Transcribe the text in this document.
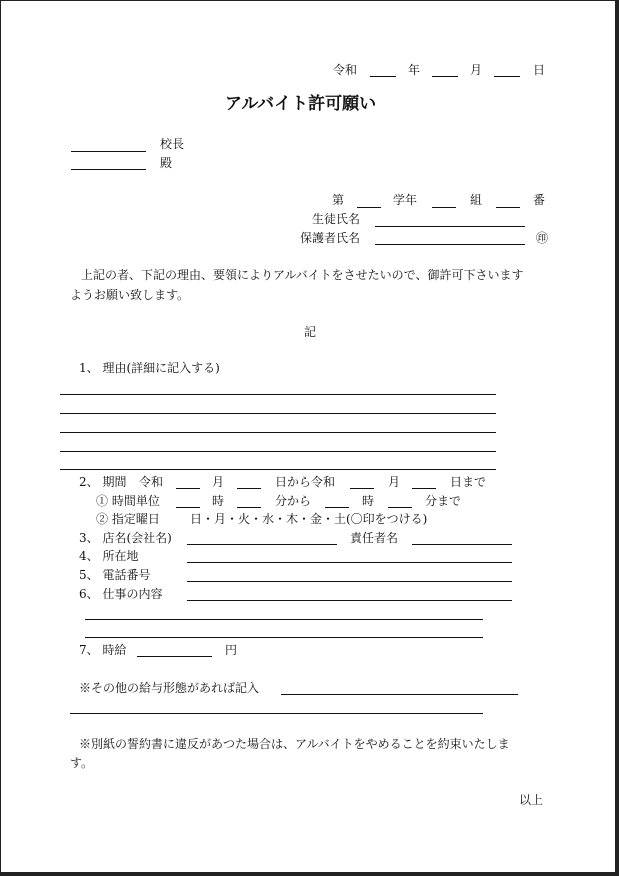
令和	年	月	日
アルバイト許可願い
校長
殿
第	学年	組	番
生徒氏名
保護者氏名	㊞
上記の者、下記の理由、要領によりアルバイトをさせたいので、御許可下さいます
ようお願い致します。
記
1、 理由(詳細に記入する)
2、 期間 令和	月	日から令和	月	日まで
① 時間単位	時	分から	時	分まで
② 指定曜日	日・月・火・水・木・金・土(〇印をつける)
3、 店名(会社名)	責任者名
4、 所在地
5、 電話番号
6、 仕事の内容
7、 時給	円
※その他の給与形態があれば記入
※別紙の誓約書に違反があつた場合は、アルバイトをやめることを約束いたしま
す。
以上
